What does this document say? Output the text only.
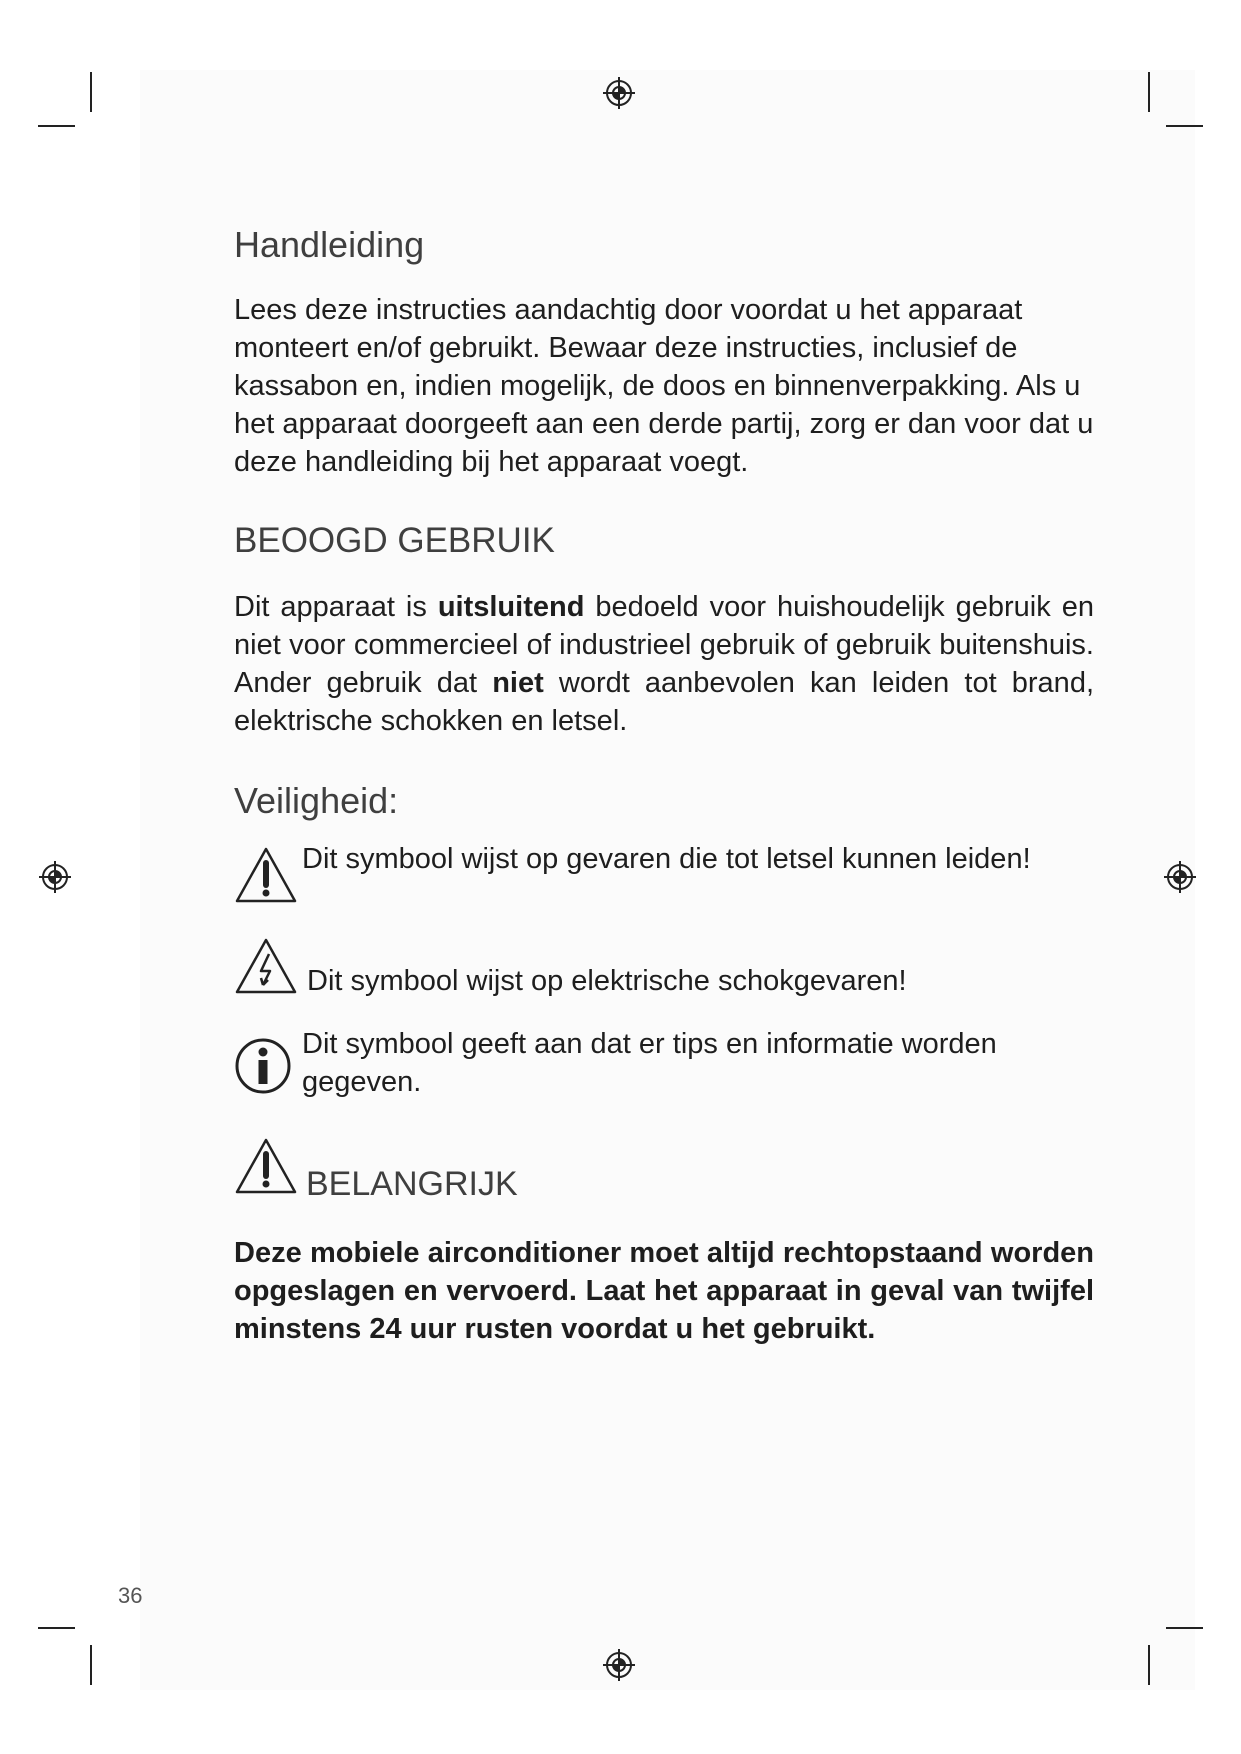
Handleiding

Lees deze instructies aandachtig door voordat u het apparaat monteert en/of gebruikt. Bewaar deze instructies, inclusief de kassabon en, indien mogelijk, de doos en binnenverpakking. Als u het apparaat doorgeeft aan een derde partij, zorg er dan voor dat u deze handleiding bij het apparaat voegt.

BEOOGD GEBRUIK

Dit apparaat is uitsluitend bedoeld voor huishoudelijk gebruik en niet voor commercieel of industrieel gebruik of gebruik buitenshuis. Ander gebruik dat niet wordt aanbevolen kan leiden tot brand, elektrische schokken en letsel.

Veiligheid:
Dit symbool wijst op gevaren die tot letsel kunnen leiden!
Dit symbool wijst op elektrische schokgevaren!
Dit symbool geeft aan dat er tips en informatie worden gegeven.
BELANGRIJK

Deze mobiele airconditioner moet altijd rechtopstaand worden opgeslagen en vervoerd. Laat het apparaat in geval van twijfel minstens 24 uur rusten voordat u het gebruikt.

36
